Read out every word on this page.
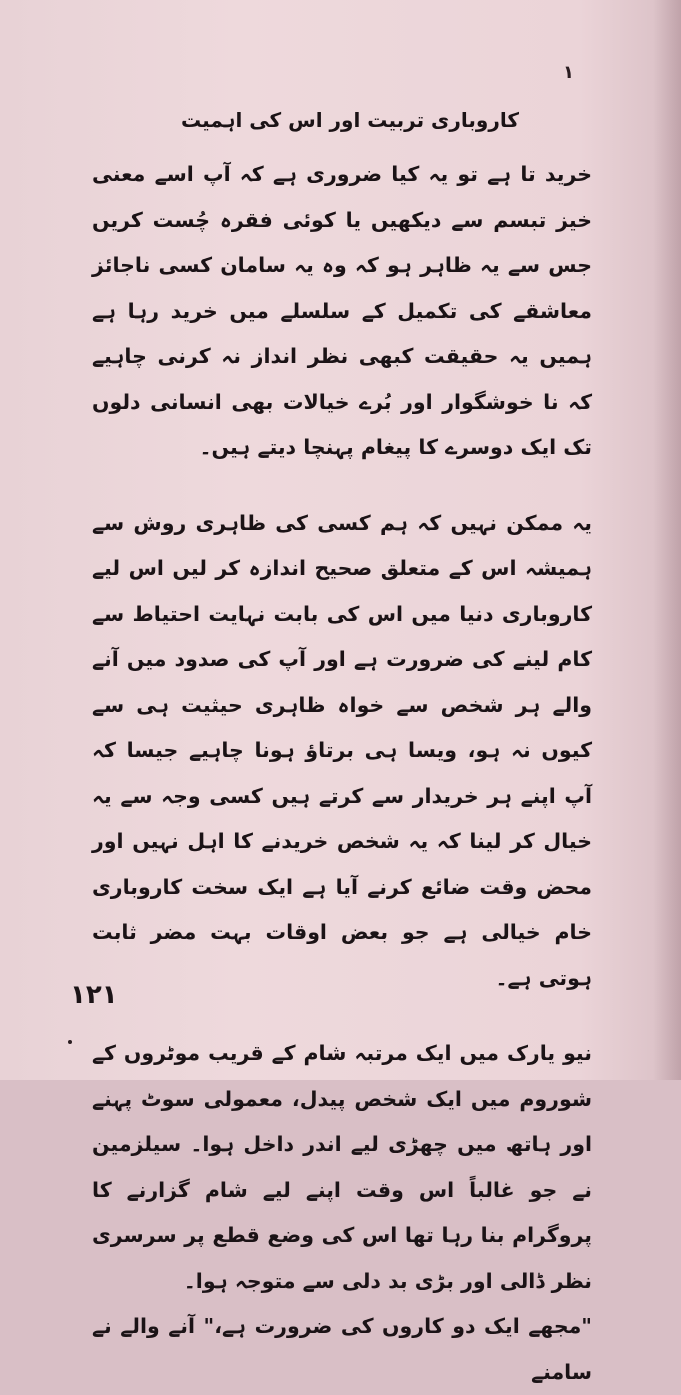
۱
کاروباری تربیت اور اس کی اہمیت

خرید تا ہے تو یہ کیا ضروری ہے کہ آپ اسے معنی خیز تبسم سے دیکھیں یا کوئی فقرہ چُست کریں جس سے یہ ظاہر ہو کہ وہ یہ سامان کسی ناجائز معاشقے کی تکمیل کے سلسلے میں خرید رہا ہے ہمیں یہ حقیقت کبھی نظر انداز نہ کرنی چاہیے کہ نا خوشگوار اور بُرے خیالات بھی انسانی دلوں تک ایک دوسرے کا پیغام پہنچا دیتے ہیں۔

یہ ممکن نہیں کہ ہم کسی کی ظاہری روش سے ہمیشہ اس کے متعلق صحیح اندازہ کر لیں اس لیے کاروباری دنیا میں اس کی بابت نہایت احتیاط سے کام لینے کی ضرورت ہے اور آپ کی صدود میں آنے والے ہر شخص سے خواہ ظاہری حیثیت ہی سے کیوں نہ ہو، ویسا ہی برتاؤ ہونا چاہیے جیسا کہ آپ اپنے ہر خریدار سے کرتے ہیں کسی وجہ سے یہ خیال کر لینا کہ یہ شخص خریدنے کا اہل نہیں اور محض وقت ضائع کرنے آیا ہے ایک سخت کاروباری خام خیالی ہے جو بعض اوقات بہت مضر ثابت ہوتی ہے۔

نیو یارک میں ایک مرتبہ شام کے قریب موٹروں کے شوروم میں ایک شخص پیدل، معمولی سوٹ پہنے اور ہاتھ میں چھڑی لیے اندر داخل ہوا۔ سیلزمین نے جو غالباً اس وقت اپنے لیے شام گزارنے کا پروگرام بنا رہا تھا اس کی وضع قطع پر سرسری نظر ڈالی اور بڑی بد دلی سے متوجہ ہوا۔

"مجھے ایک دو کاروں کی ضرورت ہے،" آنے والے نے سامنے

۱۲۱
